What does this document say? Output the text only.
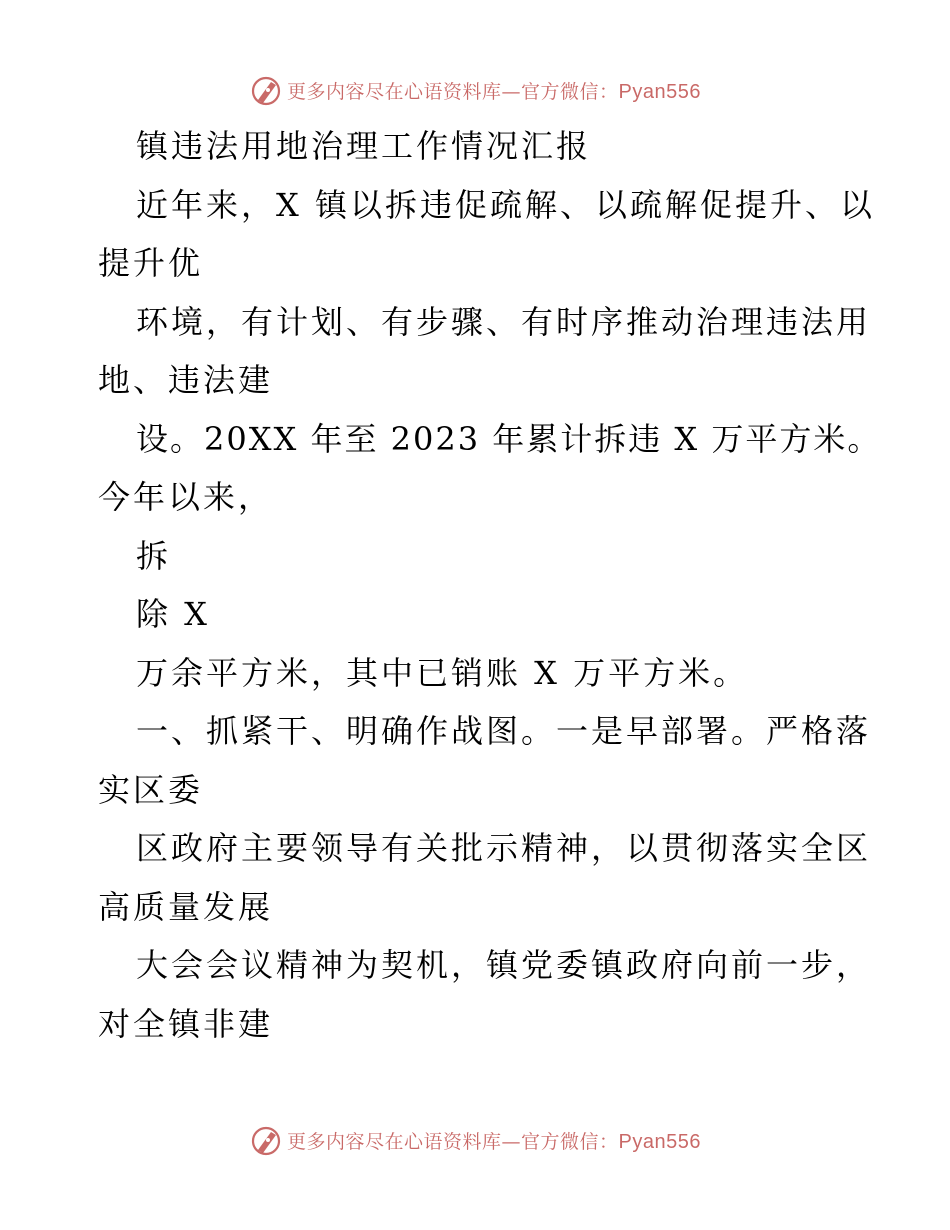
更多内容尽在心语资料库—官方微信：Pyan556

镇违法用地治理工作情况汇报

近年来，X 镇以拆违促疏解、以疏解促提升、以

提升优

环境，有计划、有步骤、有时序推动治理违法用

地、违法建

设。20XX 年至 2023 年累计拆违 X 万平方米。

今年以来，

拆

除 X

万余平方米，其中已销账 X 万平方米。

一、抓紧干、明确作战图。一是早部署。严格落

实区委

区政府主要领导有关批示精神，以贯彻落实全区

高质量发展

大会会议精神为契机，镇党委镇政府向前一步，

对全镇非建

更多内容尽在心语资料库—官方微信：Pyan556
